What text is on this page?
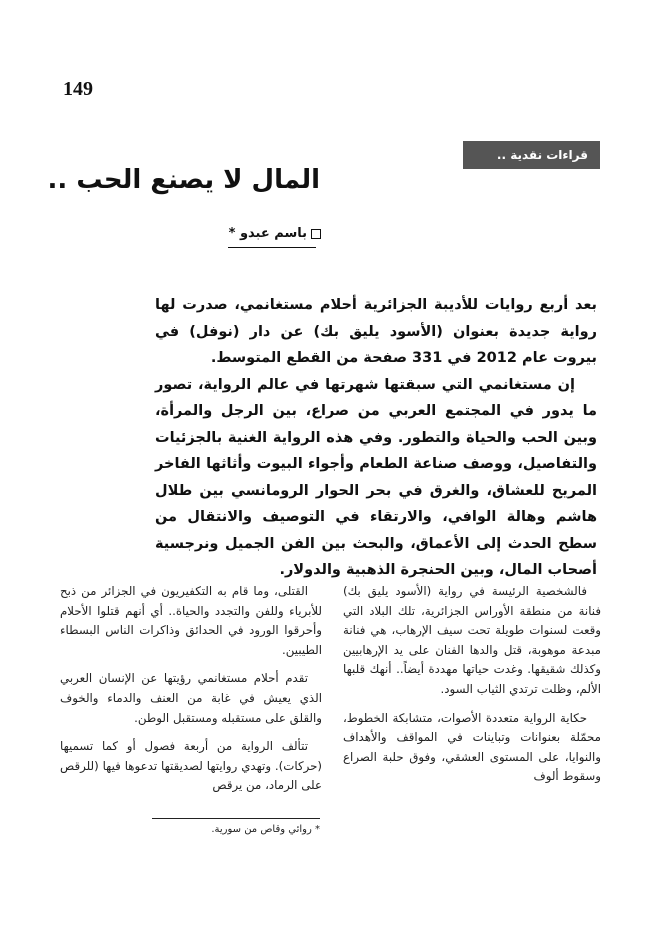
149
قراءات نقدية ..
المال لا يصنع الحب ..
باسم عبدو *

بعد أربع روايات للأديبة الجزائرية أحلام مستغانمي، صدرت لها رواية جديدة بعنوان (الأسود يليق بك) عن دار (نوفل) في بيروت عام 2012 في 331 صفحة من القطع المتوسط.

إن مستغانمي التي سبقتها شهرتها في عالم الرواية، تصور ما يدور في المجتمع العربي من صراع، بين الرجل والمرأة، وبين الحب والحياة والتطور. وفي هذه الرواية الغنية بالجزئيات والتفاصيل، ووصف صناعة الطعام وأجواء البيوت وأثاثها الفاخر المريح للعشاق، والغرق في بحر الحوار الرومانسي بين طلال هاشم وهالة الوافي، والارتقاء في التوصيف والانتقال من سطح الحدث إلى الأعماق، والبحث بين الفن الجميل ونرجسية أصحاب المال، وبين الحنجرة الذهبية والدولار.

فالشخصية الرئيسة في رواية (الأسود يليق بك) فنانة من منطقة الأوراس الجزائرية، تلك البلاد التي وقعت لسنوات طويلة تحت سيف الإرهاب، هي فنانة مبدعة موهوبة، قتل والدها الفنان على يد الإرهابيين وكذلك شقيقها. وغدت حياتها مهددة أيضاً.. أنهك قلبها الألم، وظلت ترتدي الثياب السود.

حكاية الرواية متعددة الأصوات، متشابكة الخطوط، محمّلة بعنوانات وتباينات في المواقف والأهداف والنوايا، على المستوى العشقي، وفوق حلبة الصراع وسقوط ألوف

القتلى، وما قام به التكفيريون في الجزائر من ذبح للأبرياء وللفن والتجدد والحياة.. أي أنهم قتلوا الأحلام وأحرقوا الورود في الحدائق وذاكرات الناس البسطاء الطيبين.

تقدم أحلام مستغانمي رؤيتها عن الإنسان العربي الذي يعيش في غابة من العنف والدماء والخوف والقلق على مستقبله ومستقبل الوطن.

تتألف الرواية من أربعة فصول أو كما تسميها (حركات). وتهدي روايتها لصديقتها تدعوها فيها (للرقص على الرماد، من يرقص

* روائي وقاص من سورية.
